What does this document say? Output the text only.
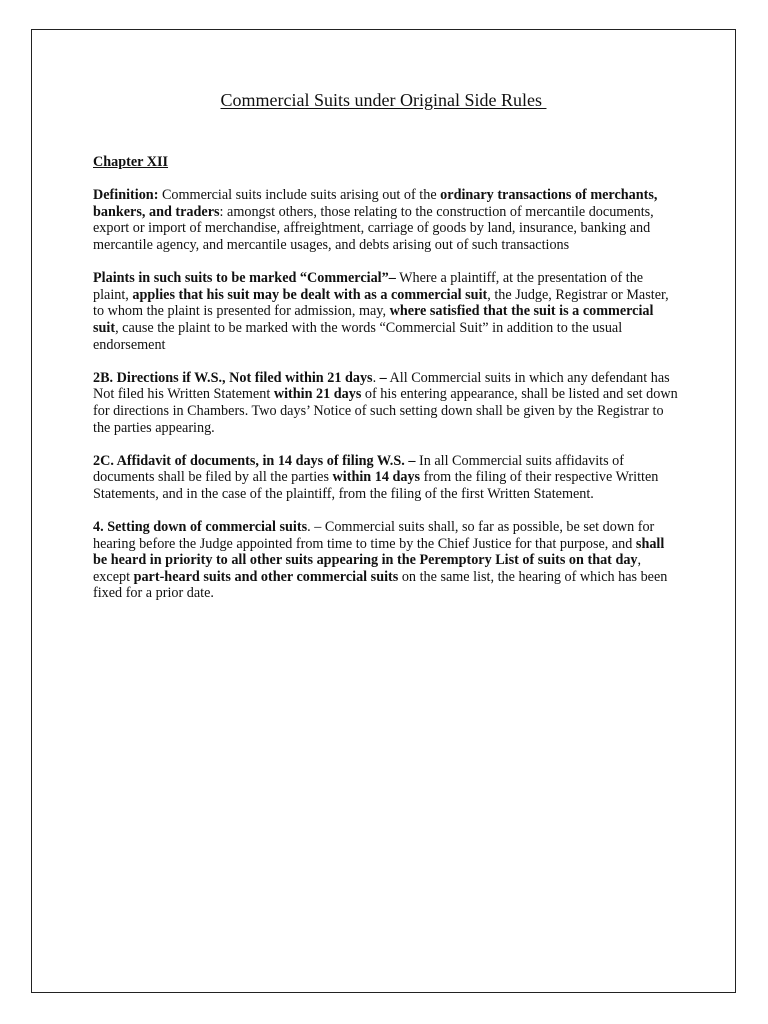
Commercial Suits under Original Side Rules

Chapter XII

Definition: Commercial suits include suits arising out of the ordinary transactions of merchants, bankers, and traders: amongst others, those relating to the construction of mercantile documents, export or import of merchandise, affreightment, carriage of goods by land, insurance, banking and mercantile agency, and mercantile usages, and debts arising out of such transactions

Plaints in such suits to be marked “Commercial”– Where a plaintiff, at the presentation of the plaint, applies that his suit may be dealt with as a commercial suit, the Judge, Registrar or Master, to whom the plaint is presented for admission, may, where satisfied that the suit is a commercial suit, cause the plaint to be marked with the words “Commercial Suit” in addition to the usual endorsement

2B. Directions if W.S., Not filed within 21 days. – All Commercial suits in which any defendant has Not filed his Written Statement within 21 days of his entering appearance, shall be listed and set down for directions in Chambers. Two days’ Notice of such setting down shall be given by the Registrar to the parties appearing.

2C. Affidavit of documents, in 14 days of filing W.S. – In all Commercial suits affidavits of documents shall be filed by all the parties within 14 days from the filing of their respective Written Statements, and in the case of the plaintiff, from the filing of the first Written Statement.

4. Setting down of commercial suits. – Commercial suits shall, so far as possible, be set down for hearing before the Judge appointed from time to time by the Chief Justice for that purpose, and shall be heard in priority to all other suits appearing in the Peremptory List of suits on that day, except part-heard suits and other commercial suits on the same list, the hearing of which has been fixed for a prior date.
